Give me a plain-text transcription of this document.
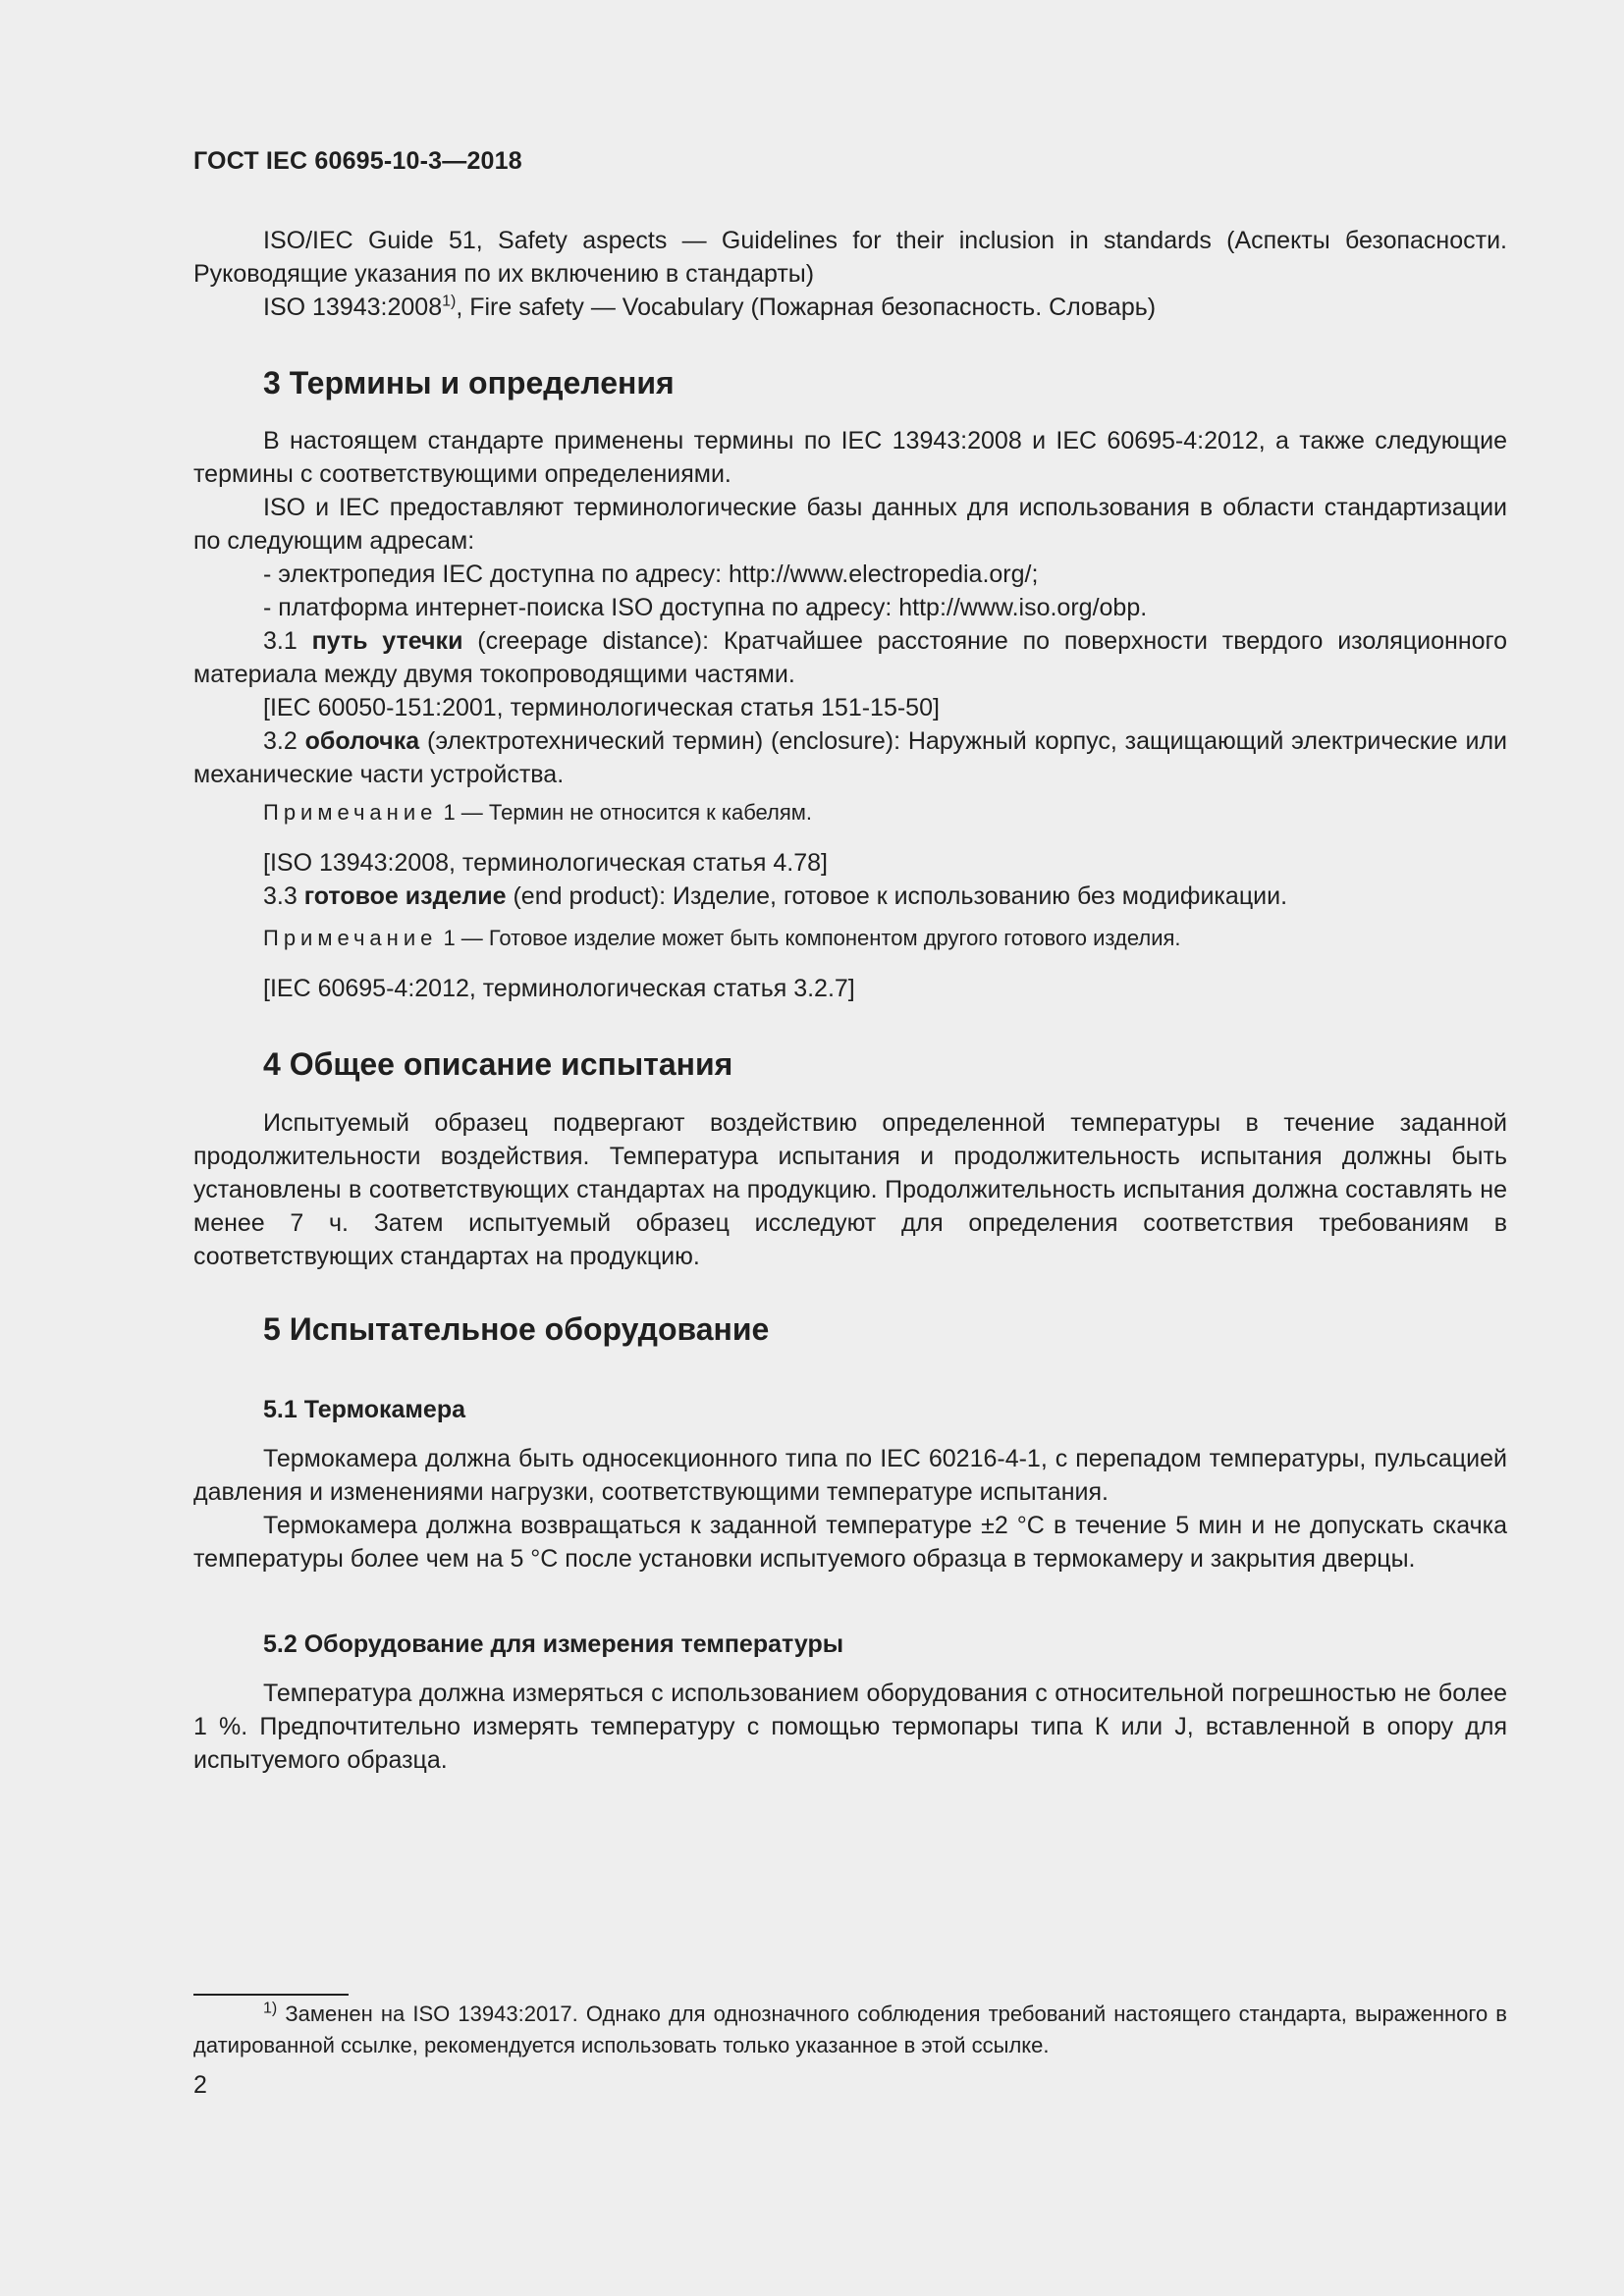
ГОСТ IEC 60695-10-3—2018

ISO/IEC Guide 51, Safety aspects — Guidelines for their inclusion in standards (Аспекты безопасности. Руководящие указания по их включению в стандарты)

ISO 13943:2008$^{1)}$, Fire safety — Vocabulary (Пожарная безопасность. Словарь)

3 Термины и определения

В настоящем стандарте применены термины по IEC 13943:2008 и IEC 60695-4:2012, а также следующие термины с соответствующими определениями.

ISO и IEC предоставляют терминологические базы данных для использования в области стандартизации по следующим адресам:

- электропедия IEC доступна по адресу: http://www.electropedia.org/;

- платформа интернет-поиска ISO доступна по адресу: http://www.iso.org/obp.

3.1 путь утечки (creepage distance): Кратчайшее расстояние по поверхности твердого изоляционного материала между двумя токопроводящими частями.

[IEC 60050-151:2001, терминологическая статья 151-15-50]

3.2 оболочка (электротехнический термин) (enclosure): Наружный корпус, защищающий электрические или механические части устройства.

Примечание 1 — Термин не относится к кабелям.

[ISO 13943:2008, терминологическая статья 4.78]

3.3 готовое изделие (end product): Изделие, готовое к использованию без модификации.

Примечание 1 — Готовое изделие может быть компонентом другого готового изделия.

[IEC 60695-4:2012, терминологическая статья 3.2.7]

4 Общее описание испытания

Испытуемый образец подвергают воздействию определенной температуры в течение заданной продолжительности воздействия. Температура испытания и продолжительность испытания должны быть установлены в соответствующих стандартах на продукцию. Продолжительность испытания должна составлять не менее 7 ч. Затем испытуемый образец исследуют для определения соответствия требованиям в соответствующих стандартах на продукцию.

5 Испытательное оборудование
5.1 Термокамера

Термокамера должна быть односекционного типа по IEC 60216-4-1, с перепадом температуры, пульсацией давления и изменениями нагрузки, соответствующими температуре испытания.

Термокамера должна возвращаться к заданной температуре ±2 °С в течение 5 мин и не допускать скачка температуры более чем на 5 °С после установки испытуемого образца в термокамеру и закрытия дверцы.

5.2 Оборудование для измерения температуры

Температура должна измеряться с использованием оборудования с относительной погрешностью не более 1 %. Предпочтительно измерять температуру с помощью термопары типа К или J, вставленной в опору для испытуемого образца.

$^{1)}$ Заменен на ISO 13943:2017. Однако для однозначного соблюдения требований настоящего стандарта, выраженного в датированной ссылке, рекомендуется использовать только указанное в этой ссылке.

2
